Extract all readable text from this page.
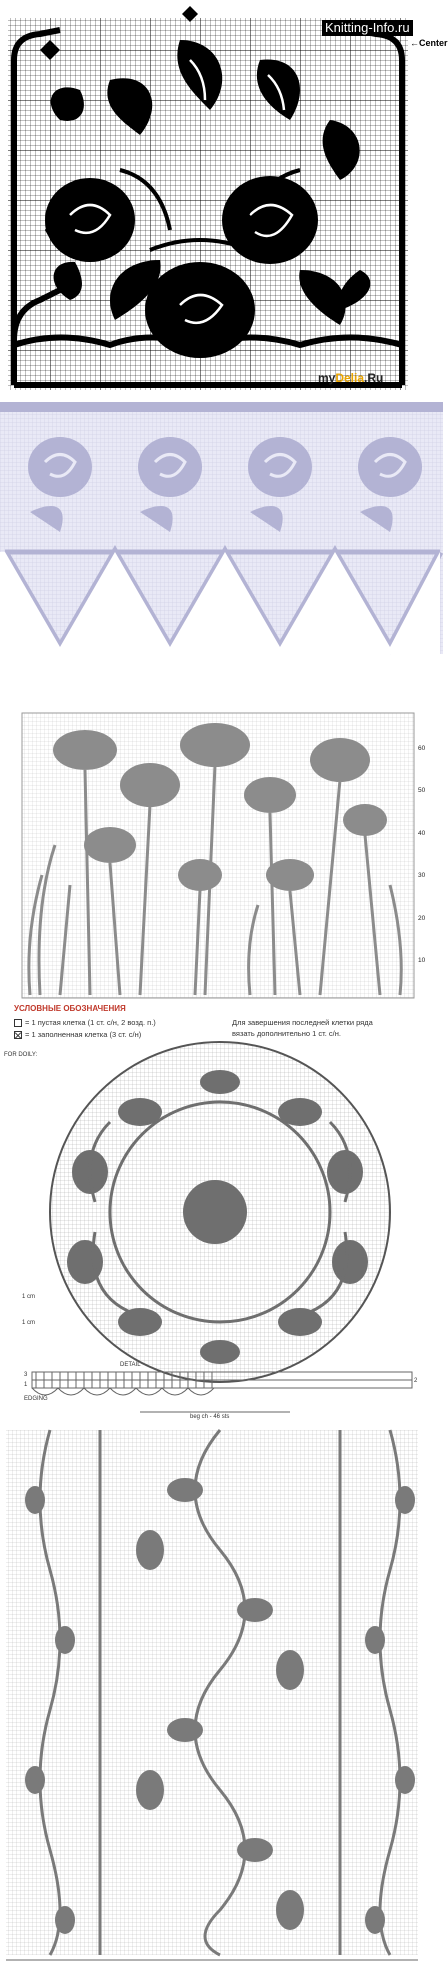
Knitting-Info.ru
←Center
myDelia.Ru
60
50
40
30
20
10
УСЛОВНЫЕ ОБОЗНАЧЕНИЯ
= 1 пустая клетка (1 ст. с/н, 2 возд. п.)
= 1 заполненная клетка (3 ст. с/н)
Для завершения последней клетки ряда
вязать дополнительно 1 ст. с/н.
FOR DOILY:
1 cm
1 cm
DETAIL
3
1
2
EDGING
beg ch - 46 sts
